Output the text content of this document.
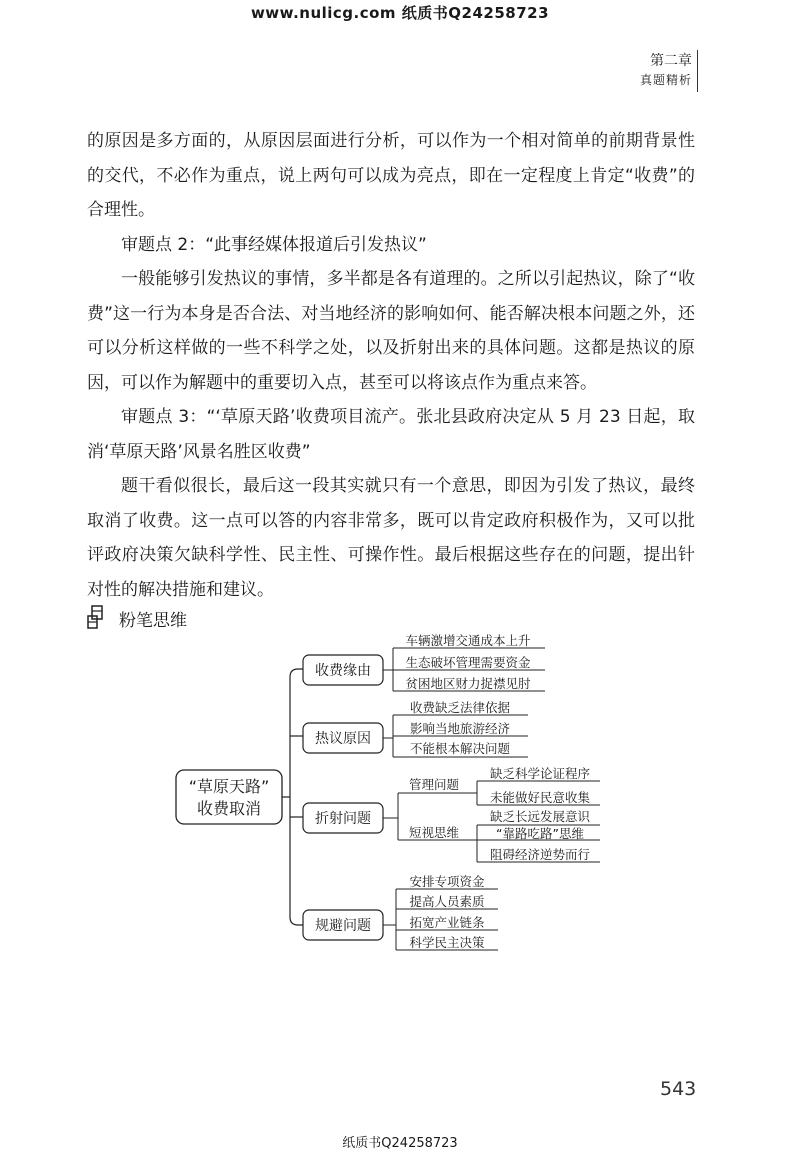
www.nulicg.com 纸质书Q24258723
第二章
真题精析

的原因是多方面的，从原因层面进行分析，可以作为一个相对简单的前期背景性的交代，不必作为重点，说上两句可以成为亮点，即在一定程度上肯定“收费”的合理性。

审题点 2：“此事经媒体报道后引发热议”

一般能够引发热议的事情，多半都是各有道理的。之所以引起热议，除了“收费”这一行为本身是否合法、对当地经济的影响如何、能否解决根本问题之外，还可以分析这样做的一些不科学之处，以及折射出来的具体问题。这都是热议的原因，可以作为解题中的重要切入点，甚至可以将该点作为重点来答。

审题点 3：“‘草原天路’收费项目流产。张北县政府决定从 5 月 23 日起，取消‘草原天路’风景名胜区收费”

题干看似很长，最后这一段其实就只有一个意思，即因为引发了热议，最终取消了收费。这一点可以答的内容非常多，既可以肯定政府积极作为，又可以批评政府决策欠缺科学性、民主性、可操作性。最后根据这些存在的问题，提出针对性的解决措施和建议。

粉笔思维
“草原天路”
收费取消
收费缘由
车辆激增交通成本上升
生态破坏管理需要资金
贫困地区财力捉襟见肘
热议原因
收费缺乏法律依据
影响当地旅游经济
不能根本解决问题
折射问题
管理问题
缺乏科学论证程序
未能做好民意收集
短视思维
缺乏长远发展意识
“靠路吃路”思维
阻碍经济逆势而行
规避问题
安排专项资金
提高人员素质
拓宽产业链条
科学民主决策
543
纸质书Q24258723
